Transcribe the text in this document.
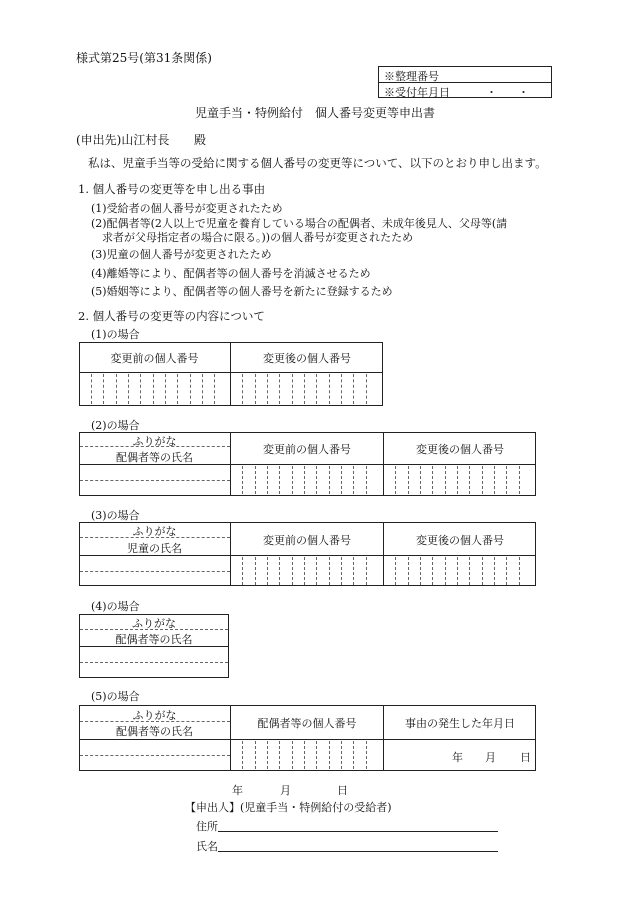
様式第25号(第31条関係)
※整理番号
※受付年月日	・ ・
児童手当・特例給付　個人番号変更等申出書
(申出先)山江村長 殿
私は、児童手当等の受給に関する個人番号の変更等について、以下のとおり申し出ます。
1. 個人番号の変更等を申し出る事由
(1)受給者の個人番号が変更されたため
(2)配偶者等(2人以上で児童を養育している場合の配偶者、未成年後見人、父母等(請
求者が父母指定者の場合に限る。))の個人番号が変更されたため
(3)児童の個人番号が変更されたため
(4)離婚等により、配偶者等の個人番号を消滅させるため
(5)婚姻等により、配偶者等の個人番号を新たに登録するため
2. 個人番号の変更等の内容について
(1)の場合
変更前の個人番号	変更後の個人番号
(2)の場合
ふりがな
配偶者等の氏名
変更前の個人番号	変更後の個人番号
(3)の場合
ふりがな
児童の氏名
変更前の個人番号	変更後の個人番号
(4)の場合
ふりがな
配偶者等の氏名
(5)の場合
ふりがな
配偶者等の氏名
配偶者等の個人番号	事由の発生した年月日
年 月 日
年	月	日
【申出人】(児童手当・特例給付の受給者)
住所
氏名
